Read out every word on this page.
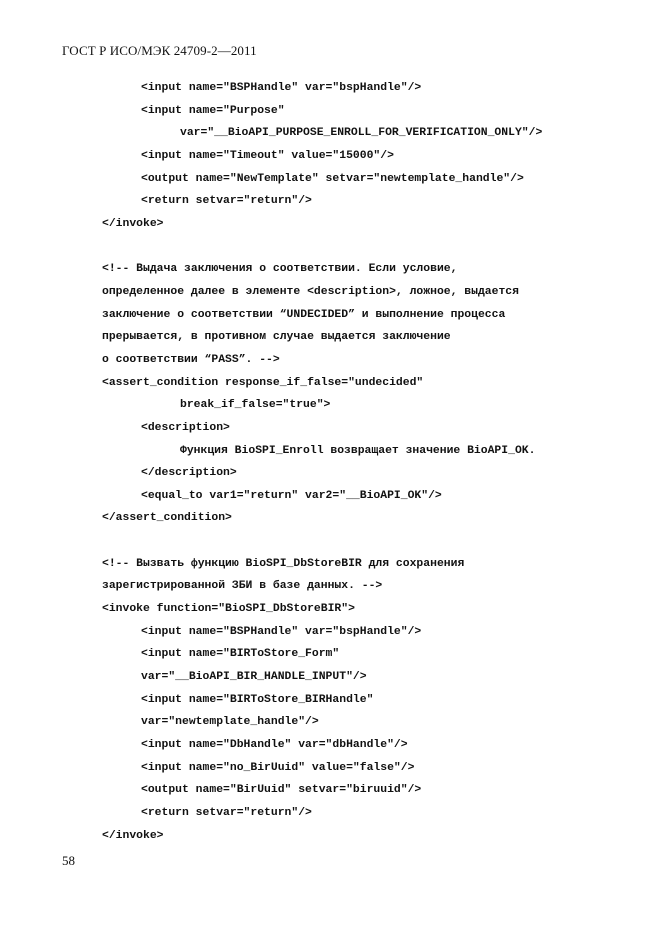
ГОСТ Р ИСО/МЭК 24709-2—2011
<input name="BSPHandle" var="bspHandle"/>
<input name="Purpose"
var="__BioAPI_PURPOSE_ENROLL_FOR_VERIFICATION_ONLY"/>
<input name="Timeout" value="15000"/>
<output name="NewTemplate" setvar="newtemplate_handle"/>
<return setvar="return"/>
</invoke>
<!-- Выдача заключения о соответствии. Если условие,
определенное далее в элементе <description>, ложное, выдается
заключение о соответствии “UNDECIDED” и выполнение процесса
прерывается, в противном случае выдается заключение
о соответствии “PASS”. -->
<assert_condition response_if_false="undecided"
break_if_false="true">
<description>
Функция BioSPI_Enroll возвращает значение BioAPI_OK.
</description>
<equal_to var1="return" var2="__BioAPI_OK"/>
</assert_condition>
<!-- Вызвать функцию BioSPI_DbStoreBIR для сохранения
зарегистрированной ЗБИ в базе данных. -->
<invoke function="BioSPI_DbStoreBIR">
<input name="BSPHandle" var="bspHandle"/>
<input name="BIRToStore_Form"
var="__BioAPI_BIR_HANDLE_INPUT"/>
<input name="BIRToStore_BIRHandle"
var="newtemplate_handle"/>
<input name="DbHandle" var="dbHandle"/>
<input name="no_BirUuid" value="false"/>
<output name="BirUuid" setvar="biruuid"/>
<return setvar="return"/>
</invoke>
58
